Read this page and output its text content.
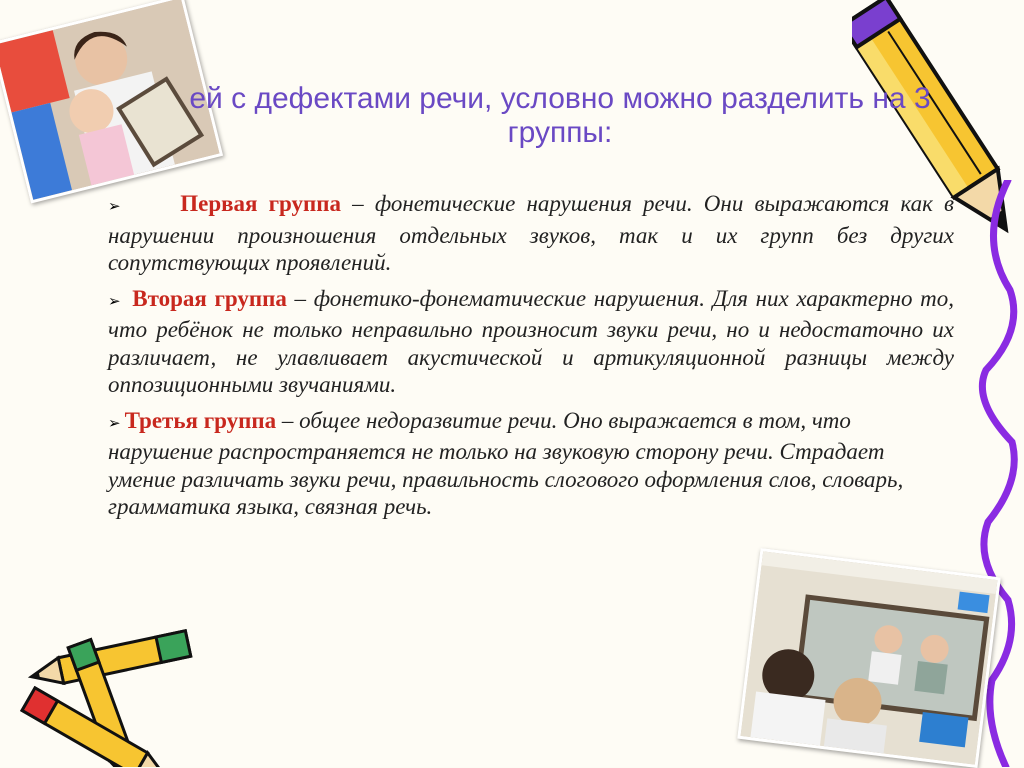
ей с дефектами речи, условно можно разделить на 3 группы:

➢	Первая группа – фонетические нарушения речи. Они выражаются как в нарушении произношения отдельных звуков, так и их групп без других сопутствующих проявлений.

➢ Вторая группа – фонетико-фонематические нарушения. Для них характерно то, что ребёнок не только неправильно произносит звуки речи, но и недостаточно их различает, не улавливает акустической и артикуляционной разницы между оппозиционными звучаниями.

➢ Третья группа – общее недоразвитие речи. Оно выражается в том, что нарушение распространяется не только на звуковую сторону речи. Страдает умение различать звуки речи, правильность слогового оформления слов, словарь, грамматика языка, связная речь.
